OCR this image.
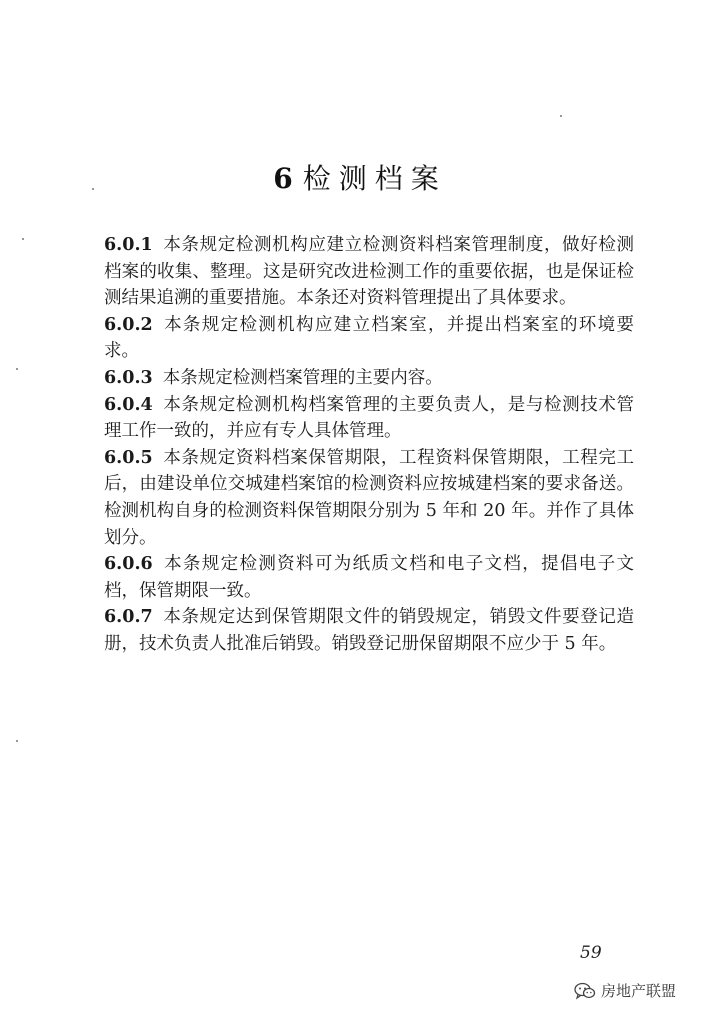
6 检测档案

6.0.1 本条规定检测机构应建立检测资料档案管理制度，做好检测档案的收集、整理。这是研究改进检测工作的重要依据，也是保证检测结果追溯的重要措施。本条还对资料管理提出了具体要求。

6.0.2 本条规定检测机构应建立档案室，并提出档案室的环境要求。

6.0.3 本条规定检测档案管理的主要内容。

6.0.4 本条规定检测机构档案管理的主要负责人，是与检测技术管理工作一致的，并应有专人具体管理。

6.0.5 本条规定资料档案保管期限，工程资料保管期限，工程完工后，由建设单位交城建档案馆的检测资料应按城建档案的要求备送。检测机构自身的检测资料保管期限分别为 5 年和 20 年。并作了具体划分。

6.0.6 本条规定检测资料可为纸质文档和电子文档，提倡电子文档，保管期限一致。

6.0.7 本条规定达到保管期限文件的销毁规定，销毁文件要登记造册，技术负责人批准后销毁。销毁登记册保留期限不应少于 5 年。

59
房地产联盟
